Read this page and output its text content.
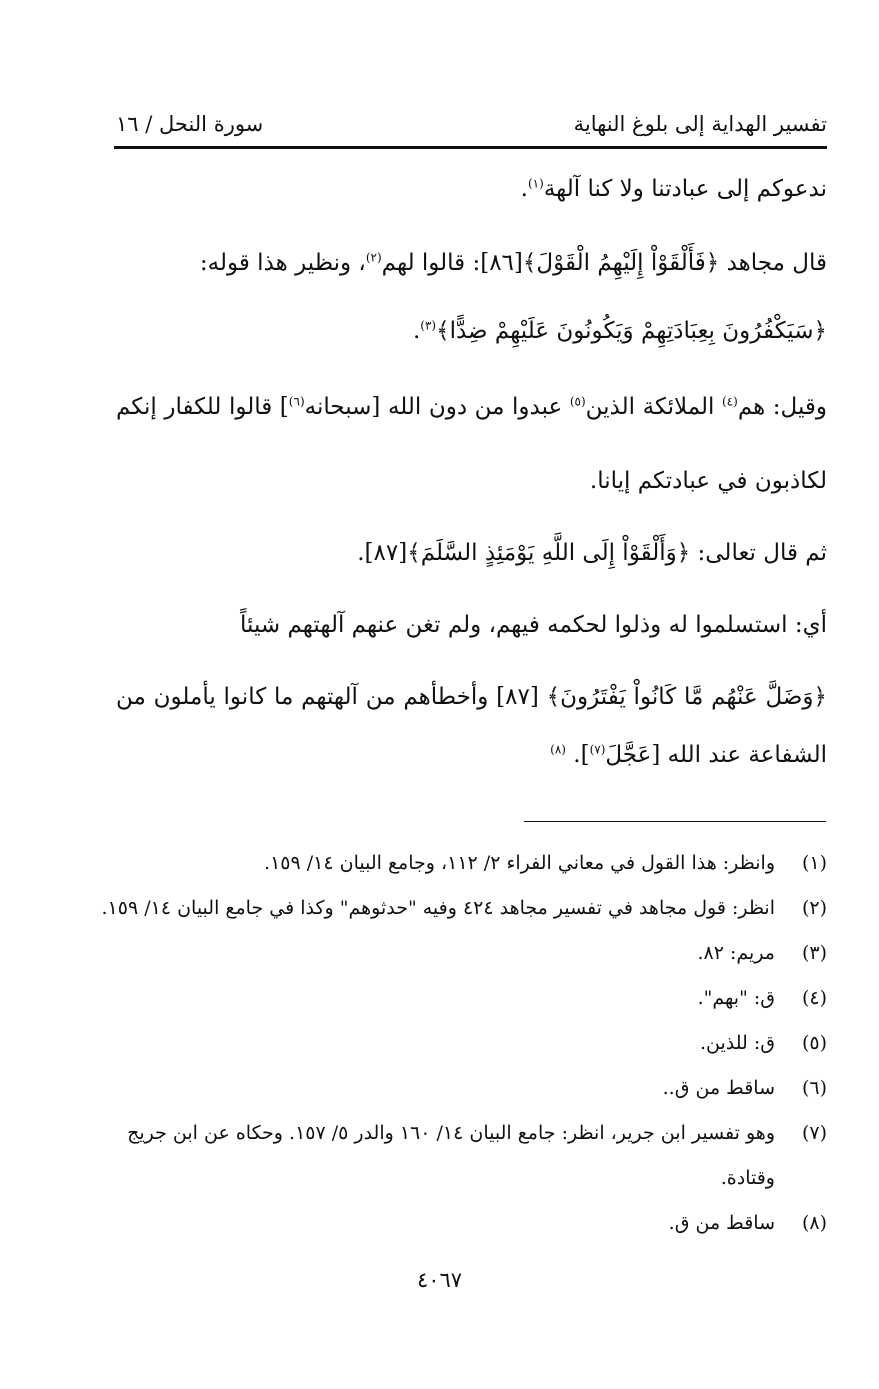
تفسير الهداية إلى بلوغ النهاية
سورة النحل / ١٦
ندعوكم إلى عبادتنا ولا كنا آلهة$^{(١)}$.
قال مجاهد ﴿فَأَلْقَوْاْ إِلَيْهِمُ الْقَوْلَ﴾[٨٦]: قالوا لهم$^{(٢)}$، ونظير هذا قوله:
﴿سَيَكْفُرُونَ بِعِبَادَتِهِمْ وَيَكُونُونَ عَلَيْهِمْ ضِدًّا﴾$^{(٣)}$.
وقيل: هم$^{(٤)}$ الملائكة الذين$^{(٥)}$ عبدوا من دون الله [سبحانه$^{(٦)}$] قالوا للكفار إنكم
لكاذبون في عبادتكم إيانا.
ثم قال تعالى: ﴿وَأَلْقَوْاْ إِلَى اللَّهِ يَوْمَئِذٍ السَّلَمَ﴾[٨٧].
أي: استسلموا له وذلوا لحكمه فيهم، ولم تغن عنهم آلهتهم شيئاً
﴿وَضَلَّ عَنْهُم مَّا كَانُواْ يَفْتَرُونَ﴾ [٨٧] وأخطأهم من آلهتهم ما كانوا يأملون من
الشفاعة عند الله [عَجَّلَ$^{(٧)}$]. $^{(٨)}$
(١)وانظر: هذا القول في معاني الفراء ٢/ ١١٢، وجامع البيان ١٤/ ١٥٩.
(٢)انظر: قول مجاهد في تفسير مجاهد ٤٢٤ وفيه "حدثوهم" وكذا في جامع البيان ١٤/ ١٥٩.
(٣)مريم: ٨٢.
(٤)ق: "بهم".
(٥)ق: للذين.
(٦)ساقط من ق..
(٧)وهو تفسير ابن جرير، انظر: جامع البيان ١٤/ ١٦٠ والدر ٥/ ١٥٧. وحكاه عن ابن جريج
وقتادة.
(٨)ساقط من ق.
٤٠٦٧
